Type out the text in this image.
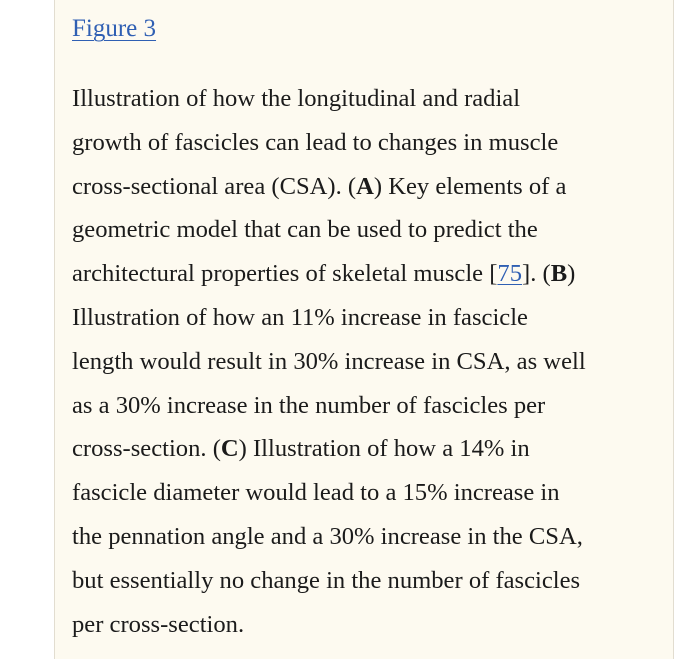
Figure 3

Illustration of how the longitudinal and radial
growth of fascicles can lead to changes in muscle
cross-sectional area (CSA). (A) Key elements of a
geometric model that can be used to predict the
architectural properties of skeletal muscle [75]. (B)
Illustration of how an 11% increase in fascicle
length would result in 30% increase in CSA, as well
as a 30% increase in the number of fascicles per
cross-section. (C) Illustration of how a 14% in
fascicle diameter would lead to a 15% increase in
the pennation angle and a 30% increase in the CSA,
but essentially no change in the number of fascicles
per cross-section.
